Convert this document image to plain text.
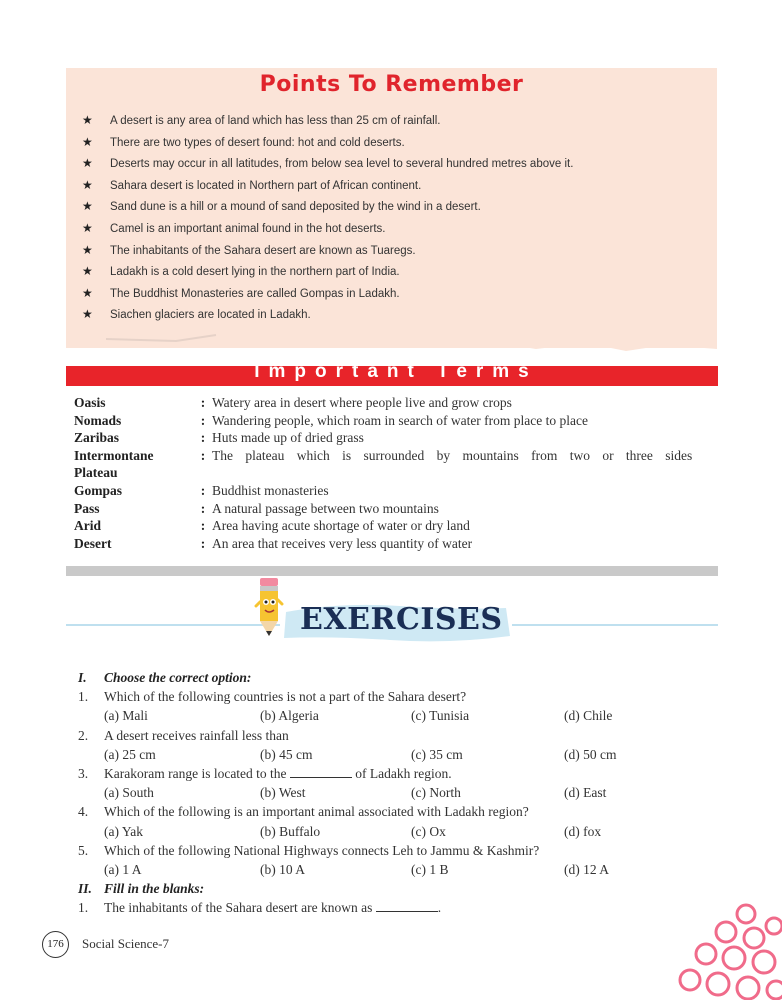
Points To Remember
★ A desert is any area of land which has less than 25 cm of rainfall.
★ There are two types of desert found: hot and cold deserts.
★ Deserts may occur in all latitudes, from below sea level to several hundred metres above it.
★ Sahara desert is located in Northern part of African continent.
★ Sand dune is a hill or a mound of sand deposited by the wind in a desert.
★ Camel is an important animal found in the hot deserts.
★ The inhabitants of the Sahara desert are known as Tuaregs.
★ Ladakh is a cold desert lying in the northern part of India.
★ The Buddhist Monasteries are called Gompas in Ladakh.
★ Siachen glaciers are located in Ladakh.
Important Terms
Oasis	:	Watery area in desert where people live and grow crops
Nomads	:	Wandering people, which roam in search of water from place to place
Zaribas	:	Huts made up of dried grass
Intermontane
Plateau	:	The plateau which is surrounded by mountains from two or three sides
Gompas	:	Buddhist monasteries
Pass	:	A natural passage between two mountains
Arid	:	Area having acute shortage of water or dry land
Desert	:	An area that receives very less quantity of water
EXERCISES
I. Choose the correct option:
1. Which of the following countries is not a part of the Sahara desert?
(a) Mali	(b) Algeria	(c) Tunisia	(d) Chile
2. A desert receives rainfall less than
(a) 25 cm	(b) 45 cm	(c) 35 cm	(d) 50 cm
3. Karakoram range is located to the	of Ladakh region.
(a) South	(b) West	(c) North	(d) East
4. Which of the following is an important animal associated with Ladakh region?
(a) Yak	(b) Buffalo	(c) Ox	(d) fox
5. Which of the following National Highways connects Leh to Jammu & Kashmir?
(a) 1 A	(b) 10 A	(c) 1 B	(d) 12 A
II. Fill in the blanks:
1. The inhabitants of the Sahara desert are known as	.
176	Social Science-7
